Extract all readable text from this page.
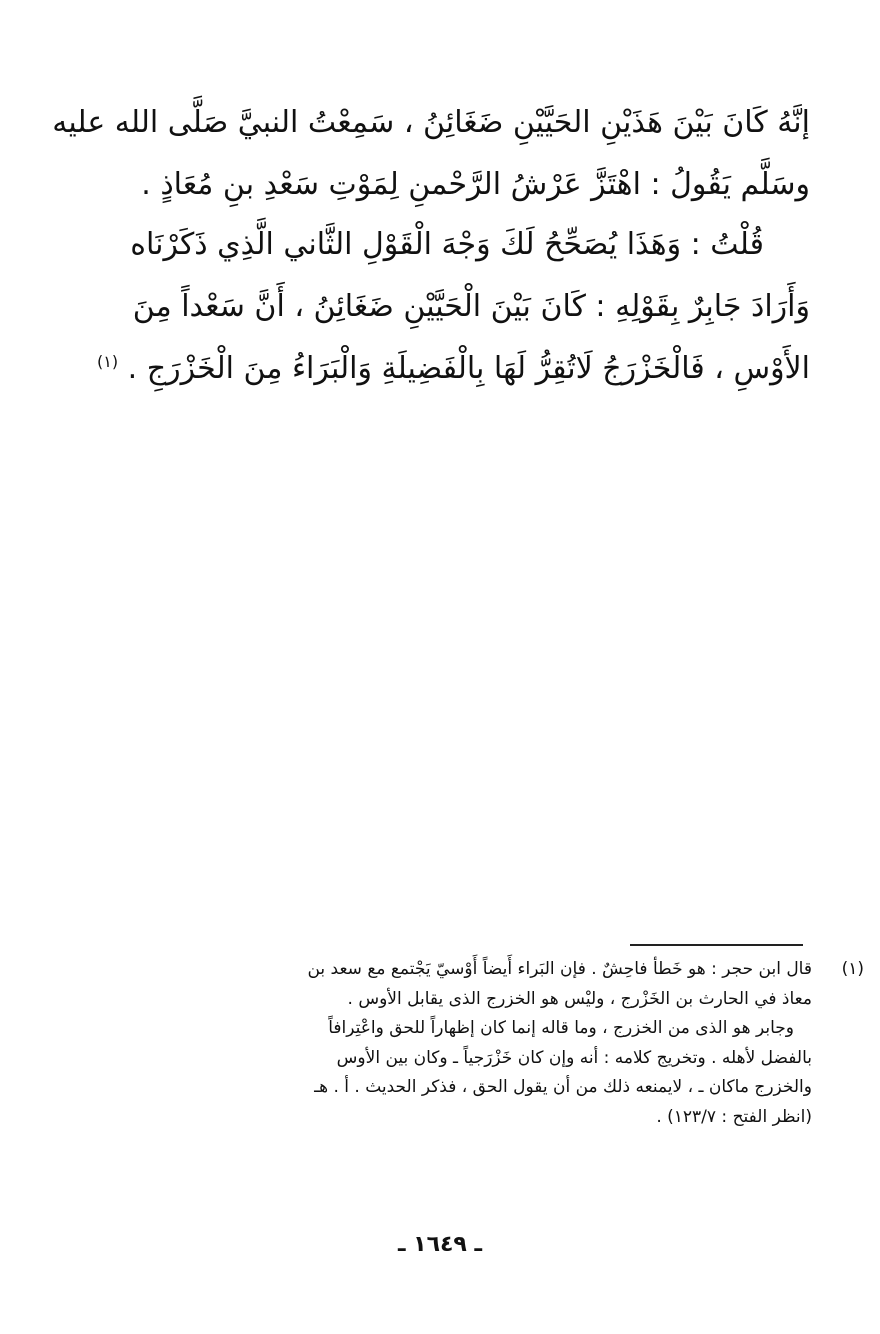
إنَّهُ كَانَ بَيْنَ هَذَيْنِ الحَيَّيْنِ ضَغَائِنُ ، سَمِعْتُ النبيَّ صَلَّى الله عليه
وسَلَّم يَقُولُ : اهْتَزَّ عَرْشُ الرَّحْمنِ لِمَوْتِ سَعْدِ بنِ مُعَاذٍ .
قُلْتُ : وَهَذَا يُصَحِّحُ لَكَ وَجْهَ الْقَوْلِ الثَّاني الَّذِي ذَكَرْنَاه
وَأَرَادَ جَابِرٌ بِقَوْلِهِ : كَانَ بَيْنَ الْحَيَّيْنِ ضَغَائِنُ ، أَنَّ سَعْداً مِنَ
الأَوْسِ ، فَالْخَزْرَجُ لَاتُقِرُّ لَهَا بِالْفَضِيلَةِ وَالْبَرَاءُ مِنَ الْخَزْرَجِ . $^{(١)}$
(١)
قال ابن حجر : هو خَطأ فاحِشٌ . فإن البَراء أَيضاً أَوْسيّ يَجْتمع مع سعد بن
معاذ في الحارث بن الخَزْرج ، وليْس هو الخزرج الذى يقابل الأوس .
وجابر هو الذى من الخزرج ، وما قاله إنما كان إظهاراً للحق واعْتِرافاً
بالفضل لأهله . وتخريج كلامه : أنه وإن كان خَزْرَجياً ـ وكان بين الأوس
والخزرج ماكان ـ ، لايمنعه ذلك من أن يقول الحق ، فذكر الحديث . أ . هـ
(انظر الفتح : ١٢٣/٧) .
ـ ١٦٤٩ ـ
